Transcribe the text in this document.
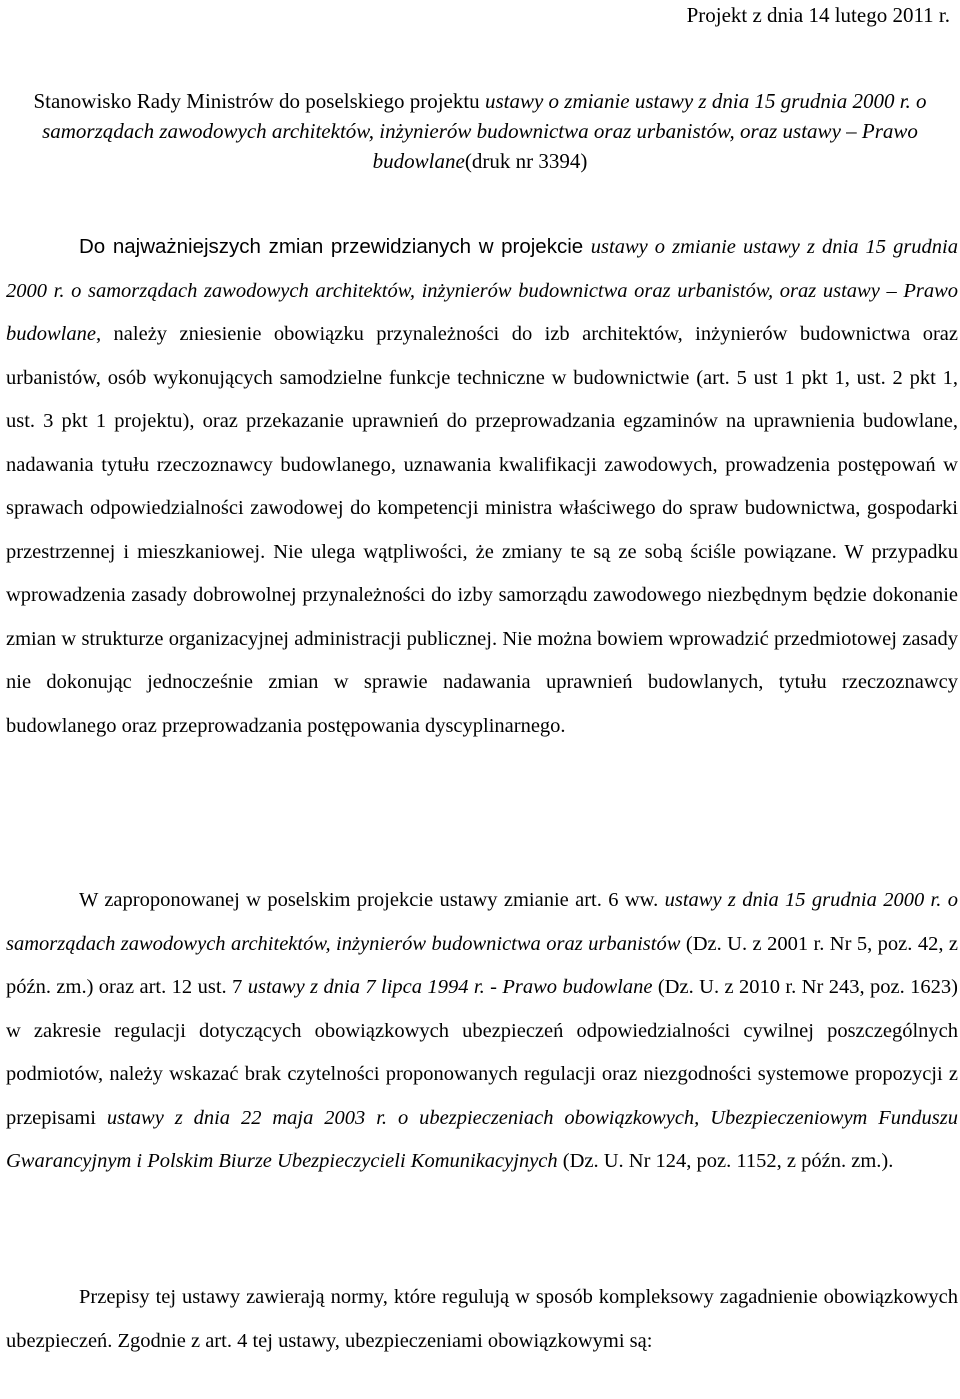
Projekt z dnia 14 lutego 2011 r.
Stanowisko Rady Ministrów do poselskiego projektu ustawy o zmianie ustawy z dnia 15 grudnia 2000 r. o samorządach zawodowych architektów, inżynierów budownictwa oraz urbanistów, oraz ustawy – Prawo budowlane(druk nr 3394)
Do najważniejszych zmian przewidzianych w projekcie ustawy o zmianie ustawy z dnia 15 grudnia 2000 r. o samorządach zawodowych architektów, inżynierów budownictwa oraz urbanistów, oraz ustawy – Prawo budowlane, należy zniesienie obowiązku przynależności do izb architektów, inżynierów budownictwa oraz urbanistów, osób wykonujących samodzielne funkcje techniczne w budownictwie (art. 5 ust 1 pkt 1, ust. 2 pkt 1, ust. 3 pkt 1 projektu), oraz przekazanie uprawnień do przeprowadzania egzaminów na uprawnienia budowlane, nadawania tytułu rzeczoznawcy budowlanego, uznawania kwalifikacji zawodowych, prowadzenia postępowań w sprawach odpowiedzialności zawodowej do kompetencji ministra właściwego do spraw budownictwa, gospodarki przestrzennej i mieszkaniowej. Nie ulega wątpliwości, że zmiany te są ze sobą ściśle powiązane. W przypadku wprowadzenia zasady dobrowolnej przynależności do izby samorządu zawodowego niezbędnym będzie dokonanie zmian w strukturze organizacyjnej administracji publicznej. Nie można bowiem wprowadzić przedmiotowej zasady nie dokonując jednocześnie zmian w sprawie nadawania uprawnień budowlanych, tytułu rzeczoznawcy budowlanego oraz przeprowadzania postępowania dyscyplinarnego.
W zaproponowanej w poselskim projekcie ustawy zmianie art. 6 ww. ustawy z dnia 15 grudnia 2000 r. o samorządach zawodowych architektów, inżynierów budownictwa oraz urbanistów (Dz. U. z 2001 r. Nr 5, poz. 42, z późn. zm.) oraz art. 12 ust. 7 ustawy z dnia 7 lipca 1994 r. - Prawo budowlane (Dz. U. z 2010 r. Nr 243, poz. 1623) w zakresie regulacji dotyczących obowiązkowych ubezpieczeń odpowiedzialności cywilnej poszczególnych podmiotów, należy wskazać brak czytelności proponowanych regulacji oraz niezgodności systemowe propozycji z przepisami ustawy z dnia 22 maja 2003 r. o ubezpieczeniach obowiązkowych, Ubezpieczeniowym Funduszu Gwarancyjnym i Polskim Biurze Ubezpieczycieli Komunikacyjnych (Dz. U. Nr 124, poz. 1152, z późn. zm.).
Przepisy tej ustawy zawierają normy, które regulują w sposób kompleksowy zagadnienie obowiązkowych ubezpieczeń. Zgodnie z art. 4 tej ustawy, ubezpieczeniami obowiązkowymi są:
